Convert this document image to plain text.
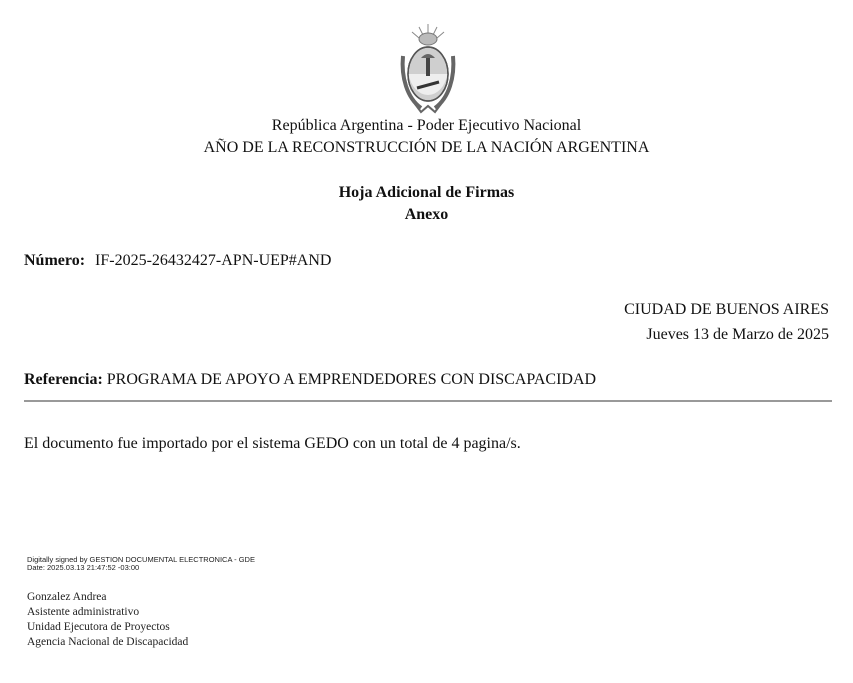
República Argentina - Poder Ejecutivo Nacional
AÑO DE LA RECONSTRUCCIÓN DE LA NACIÓN ARGENTINA
Hoja Adicional de Firmas
Anexo
Número: IF-2025-26432427-APN-UEP#AND
CIUDAD DE BUENOS AIRES
Jueves 13 de Marzo de 2025
Referencia: PROGRAMA DE APOYO A EMPRENDEDORES CON DISCAPACIDAD
El documento fue importado por el sistema GEDO con un total de 4 pagina/s.
Digitally signed by GESTION DOCUMENTAL ELECTRONICA - GDE
Date: 2025.03.13 21:47:52 -03:00
Gonzalez Andrea
Asistente administrativo
Unidad Ejecutora de Proyectos
Agencia Nacional de Discapacidad
